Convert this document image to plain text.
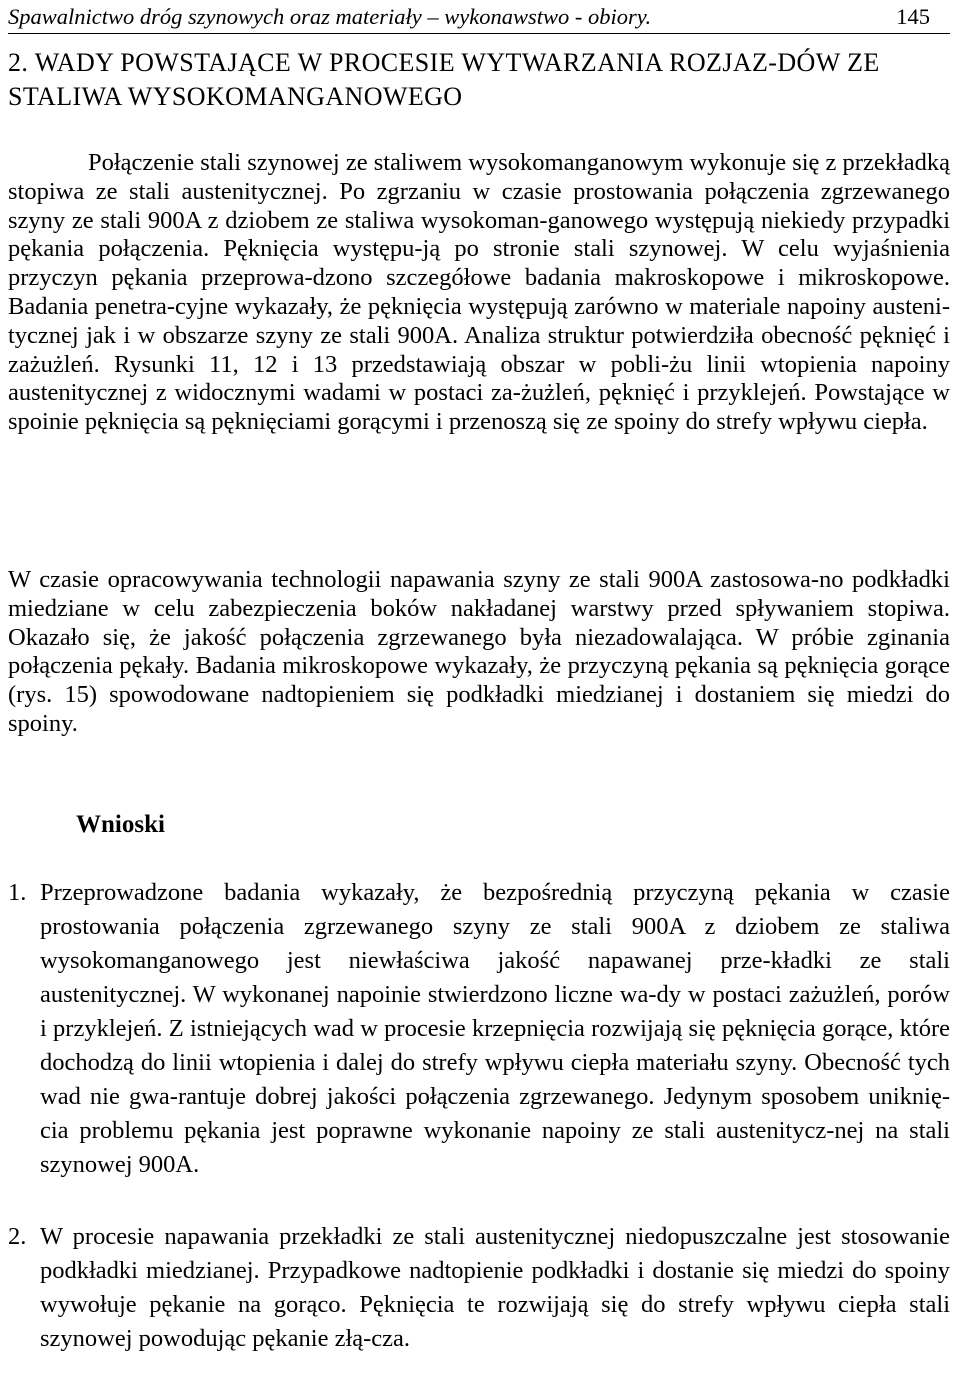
Spawalnictwo dróg szynowych oraz materiały – wykonawstwo - obiory.	145
2. WADY POWSTAJĄCE W PROCESIE WYTWARZANIA ROZJAZ-DÓW ZE STALIWA WYSOKOMANGANOWEGO

Połączenie stali szynowej ze staliwem wysokomanganowym wykonuje się z przekładką stopiwa ze stali austenitycznej. Po zgrzaniu w czasie prostowania połączenia zgrzewanego szyny ze stali 900A z dziobem ze staliwa wysokoman-ganowego występują niekiedy przypadki pękania połączenia. Pęknięcia występu-ją po stronie stali szynowej. W celu wyjaśnienia przyczyn pękania przeprowa-dzono szczegółowe badania makroskopowe i mikroskopowe. Badania penetra-cyjne wykazały, że pęknięcia występują zarówno w materiale napoiny austeni-tycznej jak i w obszarze szyny ze stali 900A. Analiza struktur potwierdziła obecność pęknięć i zażużleń. Rysunki 11, 12 i 13 przedstawiają obszar w pobli-żu linii wtopienia napoiny austenitycznej z widocznymi wadami w postaci za-żużleń, pęknięć i przyklejeń. Powstające w spoinie pęknięcia są pęknięciami gorącymi i przenoszą się ze spoiny do strefy wpływu ciepła.

W czasie opracowywania technologii napawania szyny ze stali 900A zastosowa-no podkładki miedziane w celu zabezpieczenia boków nakładanej warstwy przed spływaniem stopiwa. Okazało się, że jakość połączenia zgrzewanego była niezadowalająca. W próbie zginania połączenia pękały. Badania mikroskopowe wykazały, że przyczyną pękania są pęknięcia gorące (rys. 15) spowodowane nadtopieniem się podkładki miedzianej i dostaniem się miedzi do spoiny.

Wnioski
1. Przeprowadzone badania wykazały, że bezpośrednią przyczyną pękania w czasie prostowania połączenia zgrzewanego szyny ze stali 900A z dziobem ze staliwa wysokomanganowego jest niewłaściwa jakość napawanej prze-kładki ze stali austenitycznej. W wykonanej napoinie stwierdzono liczne wa-dy w postaci zażużleń, porów i przyklejeń. Z istniejących wad w procesie krzepnięcia rozwijają się pęknięcia gorące, które dochodzą do linii wtopienia i dalej do strefy wpływu ciepła materiału szyny. Obecność tych wad nie gwa-rantuje dobrej jakości połączenia zgrzewanego. Jedynym sposobem uniknię-cia problemu pękania jest poprawne wykonanie napoiny ze stali austenitycz-nej na stali szynowej 900A.

2. W procesie napawania przekładki ze stali austenitycznej niedopuszczalne jest stosowanie podkładki miedzianej. Przypadkowe nadtopienie podkładki i dostanie się miedzi do spoiny wywołuje pękanie na gorąco. Pęknięcia te rozwijają się do strefy wpływu ciepła stali szynowej powodując pękanie złą-cza.
